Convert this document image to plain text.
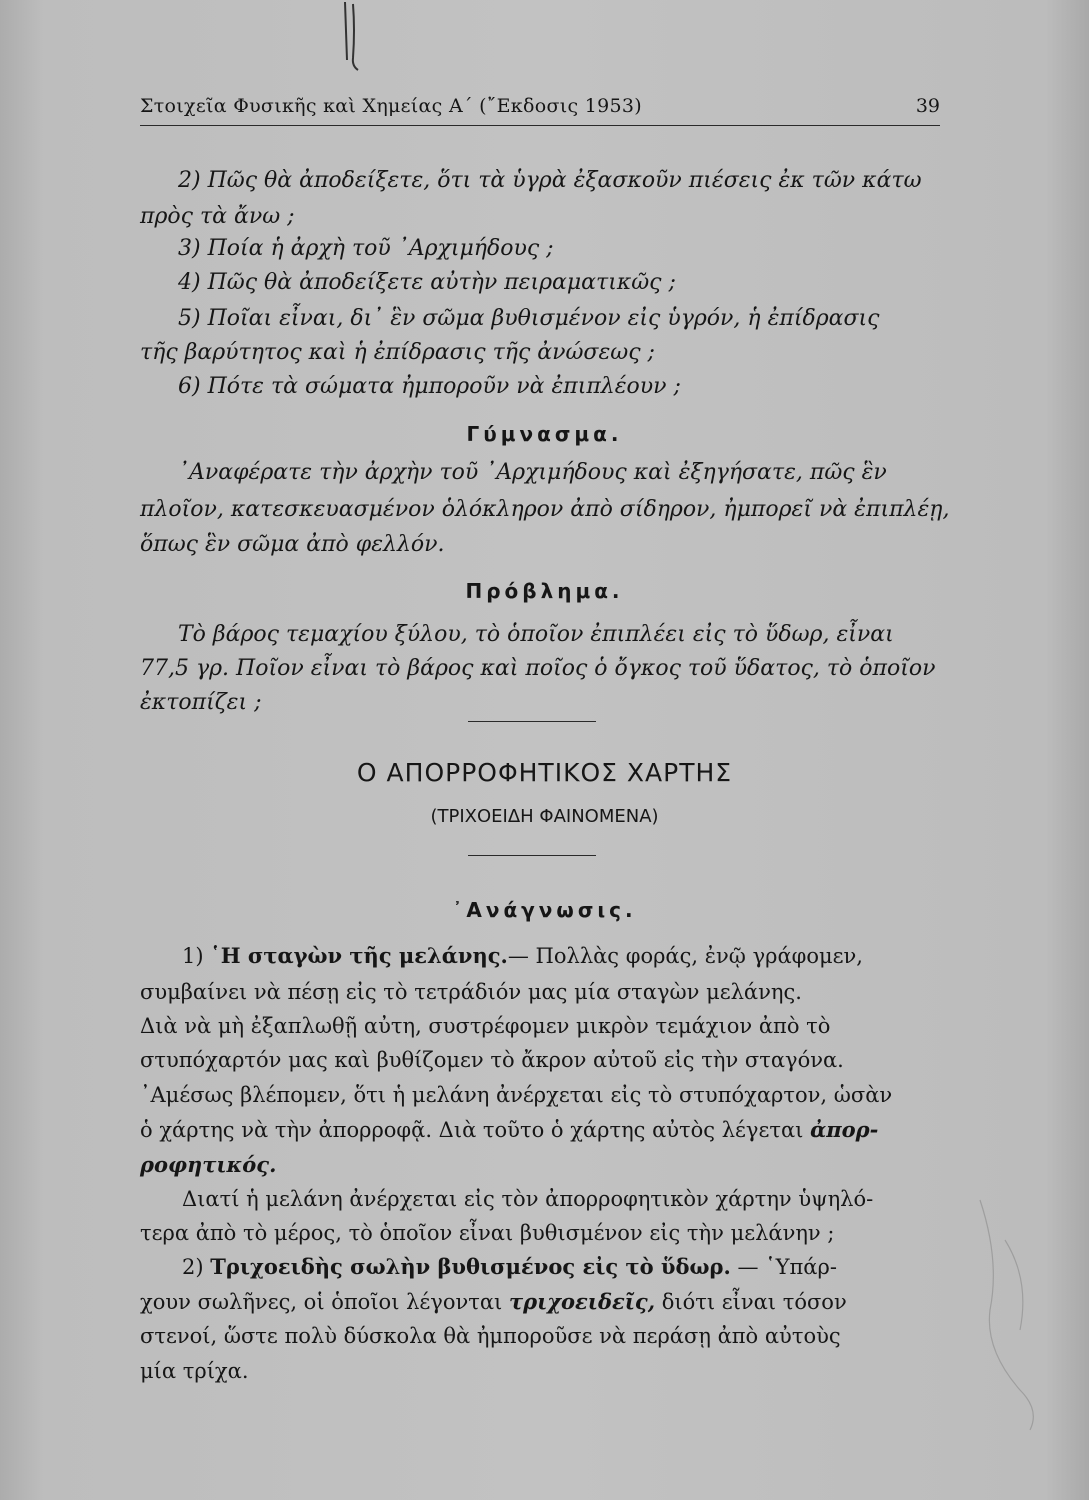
Στοιχεῖα Φυσικῆς καὶ Χημείας Α΄ (῎Εκδοσις 1953)	39
2) Πῶς θὰ ἀποδείξετε, ὅτι τὰ ὑγρὰ ἐξασκοῦν πιέσεις ἐκ τῶν κάτω
πρὸς τὰ ἄνω ;
3) Ποία ἡ ἀρχὴ τοῦ ᾿Αρχιμήδους ;
4) Πῶς θὰ ἀποδείξετε αὐτὴν πειραματικῶς ;
5) Ποῖαι εἶναι, δι᾿ ἓν σῶμα βυθισμένον εἰς ὑγρόν, ἡ ἐπίδρασις
τῆς βαρύτητος καὶ ἡ ἐπίδρασις τῆς ἀνώσεως ;
6) Πότε τὰ σώματα ἠμποροῦν νὰ ἐπιπλέουν ;
Γύμνασμα.
᾿Αναφέρατε τὴν ἀρχὴν τοῦ ᾿Αρχιμήδους καὶ ἐξηγήσατε, πῶς ἓν
πλοῖον, κατεσκευασμένον ὁλόκληρον ἀπὸ σίδηρον, ἠμπορεῖ νὰ ἐπιπλέῃ,
ὅπως ἓν σῶμα ἀπὸ φελλόν.
Πρόβλημα.
Τὸ βάρος τεμαχίου ξύλου, τὸ ὁποῖον ἐπιπλέει εἰς τὸ ὕδωρ, εἶναι
77,5 γρ. Ποῖον εἶναι τὸ βάρος καὶ ποῖος ὁ ὄγκος τοῦ ὕδατος, τὸ ὁποῖον
ἐκτοπίζει ;
Ο ΑΠΟΡΡΟΦΗΤΙΚΟΣ ΧΑΡΤΗΣ
(ΤΡΙΧΟΕΙΔΗ ΦΑΙΝΟΜΕΝΑ)
᾿Ανάγνωσις.
1) ῾Η σταγὼν τῆς μελάνης.— Πολλὰς φοράς, ἐνῷ γράφομεν,
συμβαίνει νὰ πέσῃ εἰς τὸ τετράδιόν μας μία σταγὼν μελάνης.
Διὰ νὰ μὴ ἐξαπλωθῇ αὐτη, συστρέφομεν μικρὸν τεμάχιον ἀπὸ τὸ
στυπόχαρτόν μας καὶ βυθίζομεν τὸ ἄκρον αὐτοῦ εἰς τὴν σταγόνα.
᾿Αμέσως βλέπομεν, ὅτι ἡ μελάνη ἀνέρχεται εἰς τὸ στυπόχαρτον, ὡσὰν
ὁ χάρτης νὰ τὴν ἀπορροφᾷ. Διὰ τοῦτο ὁ χάρτης αὐτὸς λέγεται ἀπορ-
ροφητικός.
Διατί ἡ μελάνη ἀνέρχεται εἰς τὸν ἀπορροφητικὸν χάρτην ὑψηλό-
τερα ἀπὸ τὸ μέρος, τὸ ὁποῖον εἶναι βυθισμένον εἰς τὴν μελάνην ;
2) Τριχοειδὴς σωλὴν βυθισμένος εἰς τὸ ὕδωρ. — ῾Υπάρ-
χουν σωλῆνες, οἱ ὁποῖοι λέγονται τριχοειδεῖς, διότι εἶναι τόσον
στενοί, ὥστε πολὺ δύσκολα θὰ ἠμποροῦσε νὰ περάσῃ ἀπὸ αὐτοὺς
μία τρίχα.
